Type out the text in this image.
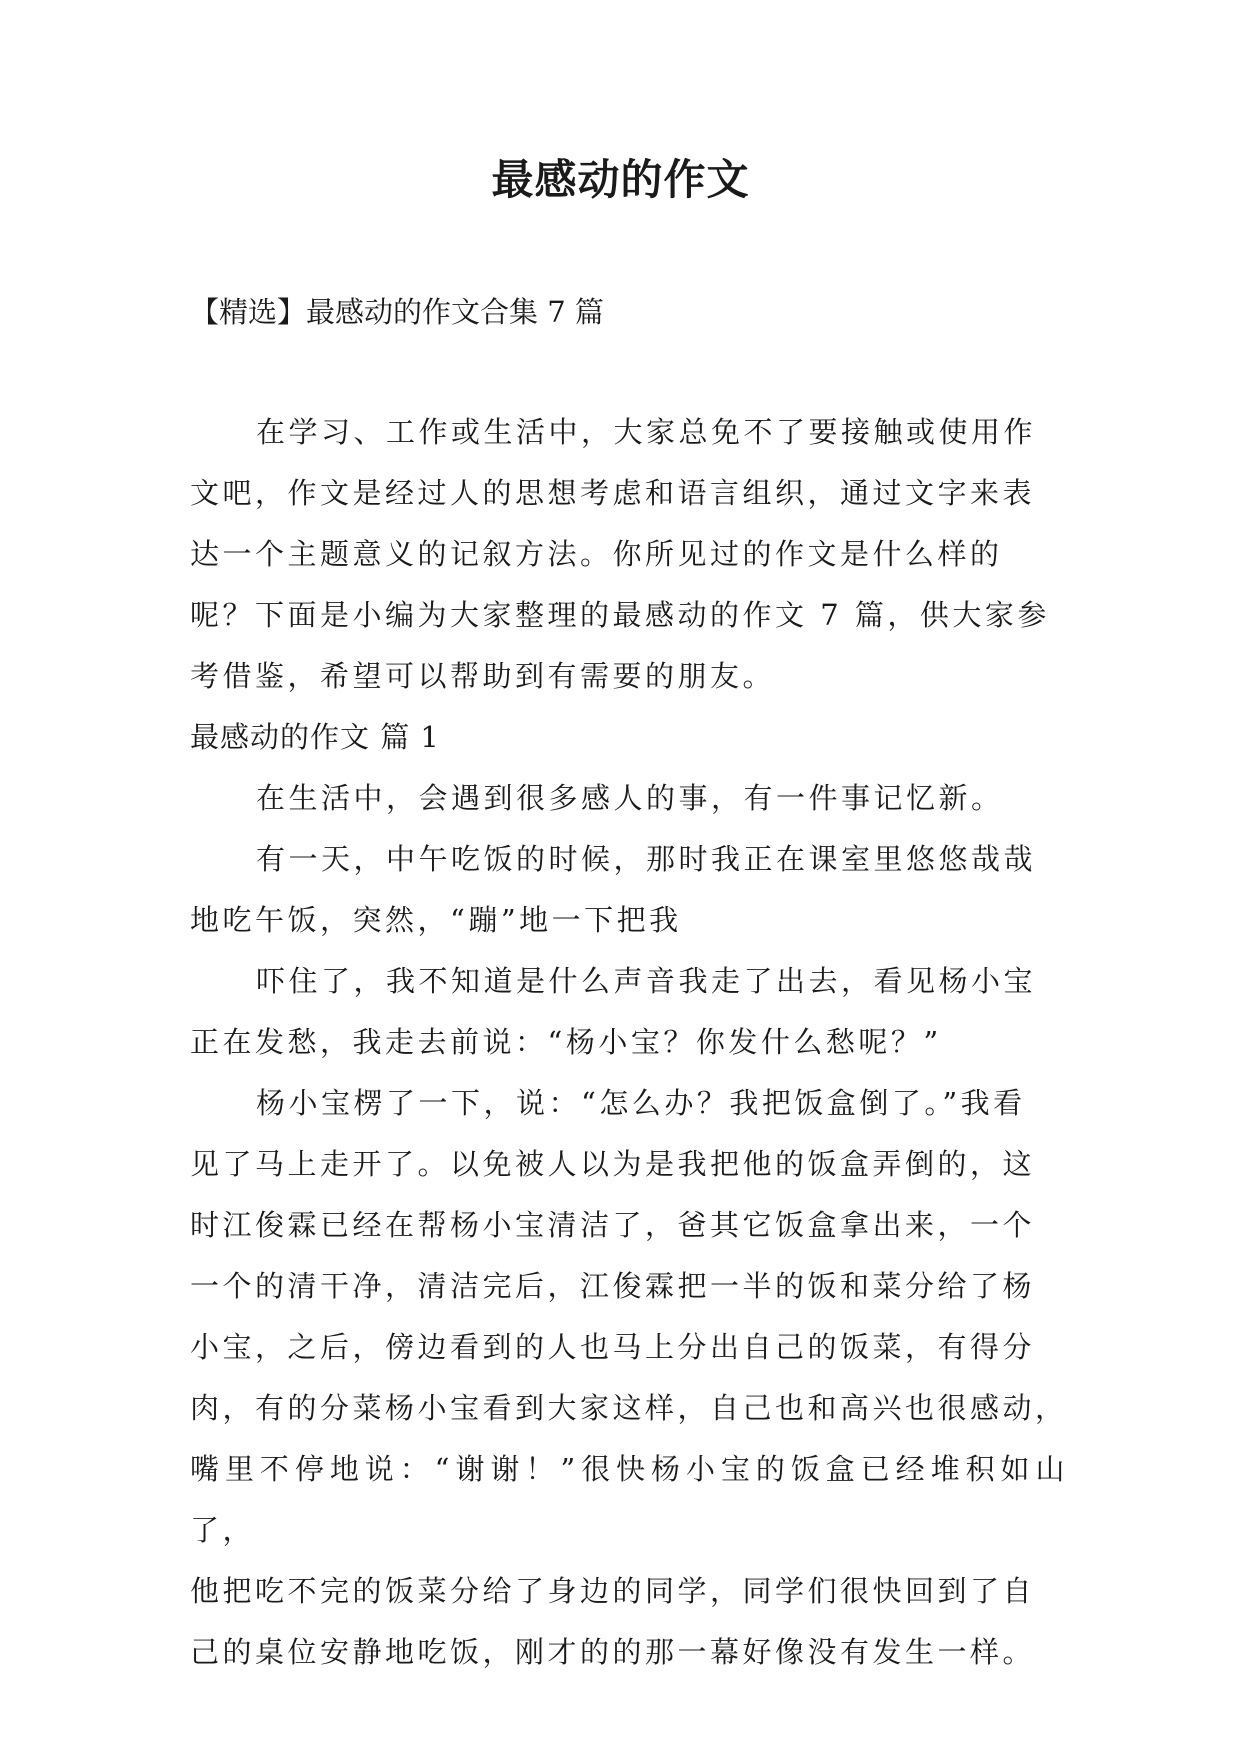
最感动的作文

【精选】最感动的作文合集 7 篇

在学习、工作或生活中，大家总免不了要接触或使用作
文吧，作文是经过人的思想考虑和语言组织，通过文字来表
达一个主题意义的记叙方法。你所见过的作文是什么样的
呢？下面是小编为大家整理的最感动的作文 7 篇，供大家参
考借鉴，希望可以帮助到有需要的朋友。

最感动的作文 篇 1

在生活中，会遇到很多感人的事，有一件事记忆新。

有一天，中午吃饭的时候，那时我正在课室里悠悠哉哉
地吃午饭，突然，“蹦”地一下把我

吓住了，我不知道是什么声音我走了出去，看见杨小宝
正在发愁，我走去前说：“杨小宝？你发什么愁呢？”

杨小宝楞了一下，说：“怎么办？我把饭盒倒了。”我看
见了马上走开了。以免被人以为是我把他的饭盒弄倒的，这
时江俊霖已经在帮杨小宝清洁了，爸其它饭盒拿出来，一个
一个的清干净，清洁完后，江俊霖把一半的饭和菜分给了杨
小宝，之后，傍边看到的人也马上分出自己的饭菜，有得分
肉，有的分菜杨小宝看到大家这样，自己也和高兴也很感动，
嘴里不停地说：“谢谢！”很快杨小宝的饭盒已经堆积如山了，
他把吃不完的饭菜分给了身边的同学，同学们很快回到了自
己的桌位安静地吃饭，刚才的的那一幕好像没有发生一样。
